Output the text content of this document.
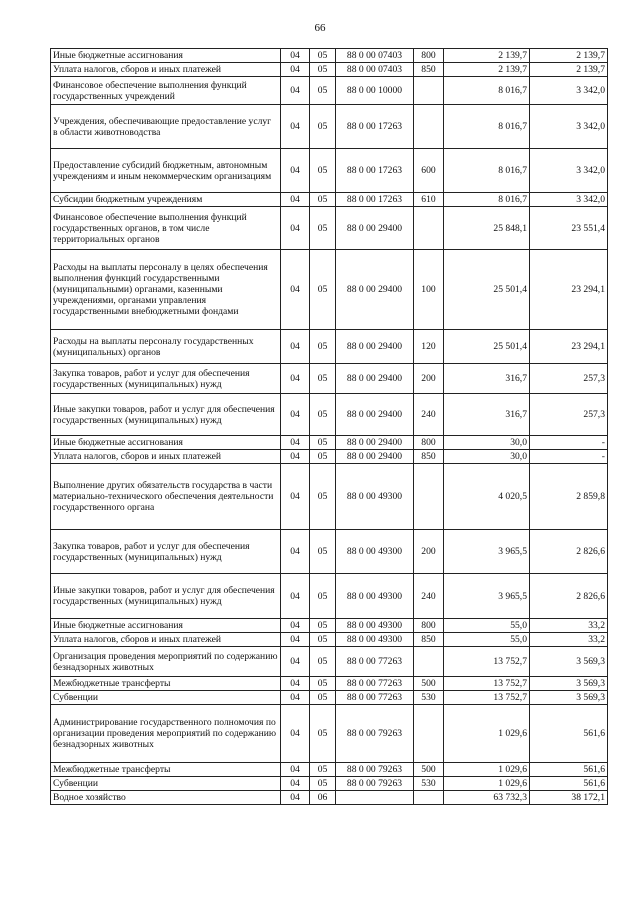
66
Иные бюджетные ассигнования	04	05	88 0 00 07403	800	2 139,7	2 139,7
Уплата налогов, сборов и иных платежей	04	05	88 0 00 07403	850	2 139,7	2 139,7
Финансовое обеспечение выполнения функций государственных учреждений	04	05	88 0 00 10000		8 016,7	3 342,0
Учреждения, обеспечивающие предоставление услуг в области животноводства	04	05	88 0 00 17263		8 016,7	3 342,0
Предоставление субсидий бюджетным, автономным учреждениям и иным некоммерческим организациям	04	05	88 0 00 17263	600	8 016,7	3 342,0
Субсидии бюджетным учреждениям	04	05	88 0 00 17263	610	8 016,7	3 342,0
Финансовое обеспечение выполнения функций государственных органов, в том числе территориальных органов	04	05	88 0 00 29400		25 848,1	23 551,4
Расходы на выплаты персоналу в целях обеспечения выполнения функций государственными (муниципальными) органами, казенными учреждениями, органами управления государственными внебюджетными фондами	04	05	88 0 00 29400	100	25 501,4	23 294,1
Расходы на выплаты персоналу государственных (муниципальных) органов	04	05	88 0 00 29400	120	25 501,4	23 294,1
Закупка товаров, работ и услуг для обеспечения государственных (муниципальных) нужд	04	05	88 0 00 29400	200	316,7	257,3
Иные закупки товаров, работ и услуг для обеспечения государственных (муниципальных) нужд	04	05	88 0 00 29400	240	316,7	257,3
Иные бюджетные ассигнования	04	05	88 0 00 29400	800	30,0	-
Уплата налогов, сборов и иных платежей	04	05	88 0 00 29400	850	30,0	-
Выполнение других обязательств государства в части материально-технического обеспечения деятельности государственного органа	04	05	88 0 00 49300		4 020,5	2 859,8
Закупка товаров, работ и услуг для обеспечения государственных (муниципальных) нужд	04	05	88 0 00 49300	200	3 965,5	2 826,6
Иные закупки товаров, работ и услуг для обеспечения государственных (муниципальных) нужд	04	05	88 0 00 49300	240	3 965,5	2 826,6
Иные бюджетные ассигнования	04	05	88 0 00 49300	800	55,0	33,2
Уплата налогов, сборов и иных платежей	04	05	88 0 00 49300	850	55,0	33,2
Организация проведения мероприятий по содержанию безнадзорных животных	04	05	88 0 00 77263		13 752,7	3 569,3
Межбюджетные трансферты	04	05	88 0 00 77263	500	13 752,7	3 569,3
Субвенции	04	05	88 0 00 77263	530	13 752,7	3 569,3
Администрирование государственного полномочия по организации проведения мероприятий по содержанию безнадзорных животных	04	05	88 0 00 79263		1 029,6	561,6
Межбюджетные трансферты	04	05	88 0 00 79263	500	1 029,6	561,6
Субвенции	04	05	88 0 00 79263	530	1 029,6	561,6
Водное хозяйство	04	06			63 732,3	38 172,1
